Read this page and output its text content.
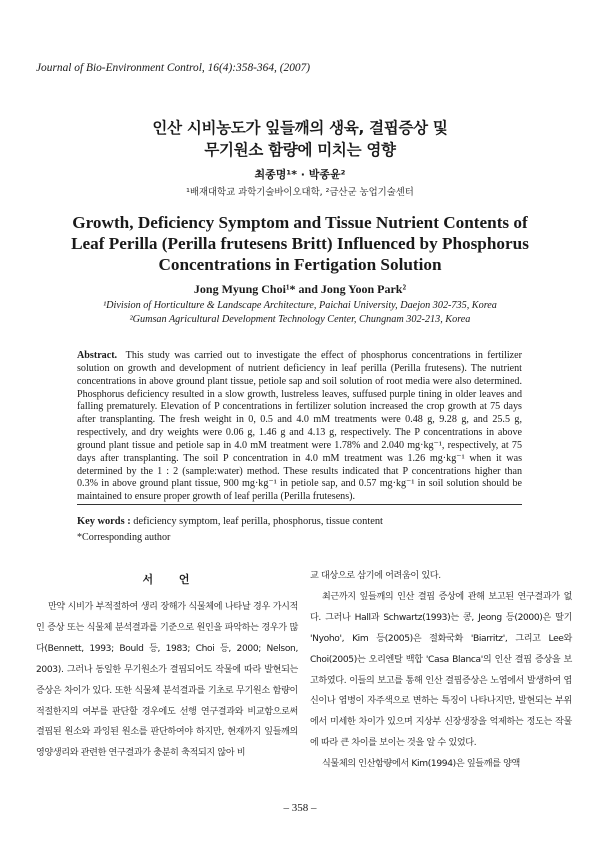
Journal of Bio-Environment Control, 16(4):358-364, (2007)
인산 시비농도가 잎들깨의 생육, 결핍증상 및
무기원소 함량에 미치는 영향
최종명¹* · 박종윤²
¹배재대학교 과학기술바이오대학, ²금산군 농업기술센터
Growth, Deficiency Symptom and Tissue Nutrient Contents of
Leaf Perilla (Perilla frutesens Britt) Influenced by Phosphorus
Concentrations in Fertigation Solution
Jong Myung Choi¹* and Jong Yoon Park²
¹Division of Horticulture & Landscape Architecture, Paichai University, Daejon 302-735, Korea
²Gumsan Agricultural Development Technology Center, Chungnam 302-213, Korea
Abstract. This study was carried out to investigate the effect of phosphorus concentrations in fertilizer solution on growth and development of nutrient deficiency in leaf perilla (Perilla frutesens). The nutrient concentrations in above ground plant tissue, petiole sap and soil solution of root media were also determined. Phosphorus deficiency resulted in a slow growth, lustreless leaves, suffused purple tining in older leaves and falling prematurely. Elevation of P concentrations in fertilizer solution increased the crop growth at 75 days after transplanting. The fresh weight in 0, 0.5 and 4.0 mM treatments were 0.48 g, 9.28 g, and 25.5 g, respectively, and dry weights were 0.06 g, 1.46 g and 4.13 g, respectively. The P concentrations in above ground plant tissue and petiole sap in 4.0 mM treatment were 1.78% and 2.040 mg·kg⁻¹, respectively, at 75 days after transplanting. The soil P concentration in 4.0 mM treatment was 1.26 mg·kg⁻¹ when it was determined by the 1 : 2 (sample:water) method. These results indicated that P concentrations higher than 0.3% in above ground plant tissue, 900 mg·kg⁻¹ in petiole sap, and 0.57 mg·kg⁻¹ in soil solution should be maintained to ensure proper growth of leaf perilla (Perilla frutesens).
Key words : deficiency symptom, leaf perilla, phosphorus, tissue content
*Corresponding author
서 언

만약 시비가 부적절하여 생리 장해가 식물체에 나타날 경우 가시적인 증상 또는 식물체 분석결과를 기준으로 원인을 파악하는 경우가 많다(Bennett, 1993; Bould 등, 1983; Choi 등, 2000; Nelson, 2003). 그러나 동일한 무기원소가 결핍되어도 작물에 따라 발현되는 증상은 차이가 있다. 또한 식물체 분석결과를 기초로 무기원소 함량이 적절한지의 여부를 판단할 경우에도 선행 연구결과와 비교함으로써 결핍된 원소와 과잉된 원소를 판단하여야 하지만, 현재까지 잎들깨의 영양생리와 관련한 연구결과가 충분히 축적되지 않아 비

교 대상으로 삼기에 어려움이 있다.

최근까지 잎들깨의 인산 결핍 증상에 관해 보고된 연구결과가 없다. 그러나 Hall과 Schwartz(1993)는 콩, Jeong 등(2000)은 딸기 'Nyoho', Kim 등(2005)은 절화국화 'Biarritz', 그리고 Lee와 Choi(2005)는 오리엔탈 백합 'Casa Blanca'의 인산 결핍 증상을 보고하였다. 이들의 보고를 통해 인산 결핍증상은 노엽에서 발생하여 엽신이나 엽병이 자주색으로 변하는 특징이 나타나지만, 발현되는 부위에서 미세한 차이가 있으며 지상부 신장생장을 억제하는 정도는 작물에 따라 큰 차이를 보이는 것을 알 수 있었다.

식물체의 인산함량에서 Kim(1994)은 잎들깨를 양액

– 358 –
